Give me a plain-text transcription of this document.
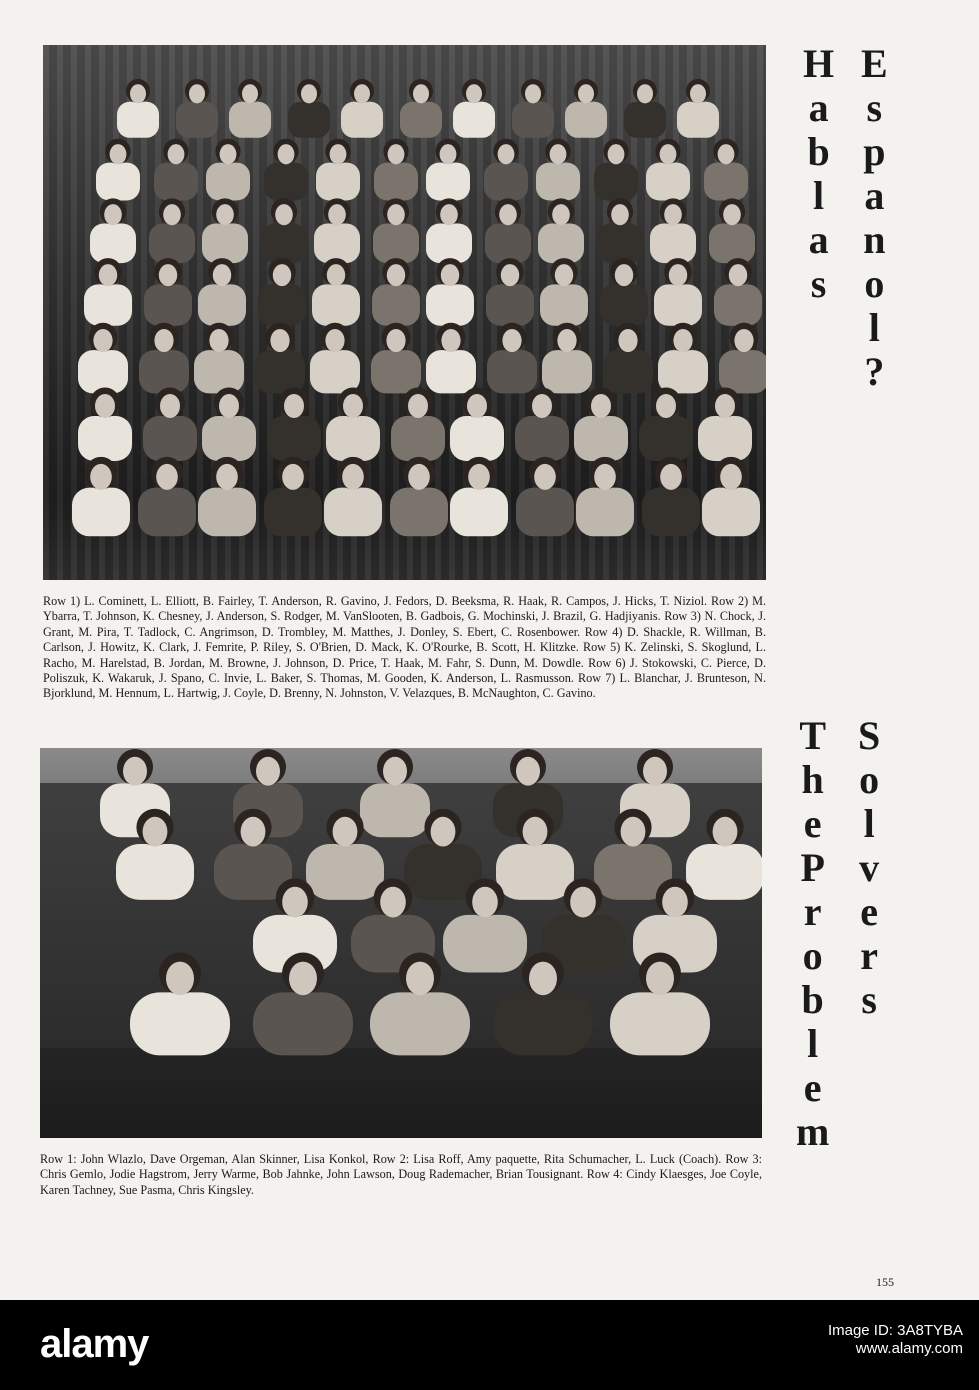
Row 1) L. Cominett, L. Elliott, B. Fairley, T. Anderson, R. Gavino, J. Fedors, D. Beeksma, R. Haak, R. Campos, J. Hicks, T. Niziol. Row 2) M. Ybarra, T. Johnson, K. Chesney, J. Anderson, S. Rodger, M. VanSlooten, B. Gadbois, G. Mochinski, J. Brazil, G. Hadjiyanis. Row 3) N. Chock, J. Grant, M. Pira, T. Tadlock, C. Angrimson, D. Trombley, M. Matthes, J. Donley, S. Ebert, C. Rosenbower. Row 4) D. Shackle, R. Willman, B. Carlson, J. Howitz, K. Clark, J. Femrite, P. Riley, S. O'Brien, D. Mack, K. O'Rourke, B. Scott, H. Klitzke. Row 5) K. Zelinski, S. Skoglund, L. Racho, M. Harelstad, B. Jordan, M. Browne, J. Johnson, D. Price, T. Haak, M. Fahr, S. Dunn, M. Dowdle. Row 6) J. Stokowski, C. Pierce, D. Poliszuk, K. Wakaruk, J. Spano, C. Invie, L. Baker, S. Thomas, M. Gooden, K. Anderson, L. Rasmusson. Row 7) L. Blanchar, J. Brunteson, N. Bjorklund, M. Hennum, L. Hartwig, J. Coyle, D. Brenny, N. Johnston, V. Velazques, B. McNaughton, C. Gavino.

H
a
b
l
a
s
E
s
p
a
n
o
l
?

Row 1: John Wlazlo, Dave Orgeman, Alan Skinner, Lisa Konkol, Row 2: Lisa Roff, Amy paquette, Rita Schumacher, L. Luck (Coach). Row 3: Chris Gemlo, Jodie Hagstrom, Jerry Warme, Bob Jahnke, John Lawson, Doug Rademacher, Brian Tousignant. Row 4: Cindy Klaesges, Joe Coyle, Karen Tachney, Sue Pasma, Chris Kingsley.

T
h
e
P
r
o
b
l
e
m
S
o
l
v
e
r
s
155
alamy	Image ID: 3A8TYBA
www.alamy.com
